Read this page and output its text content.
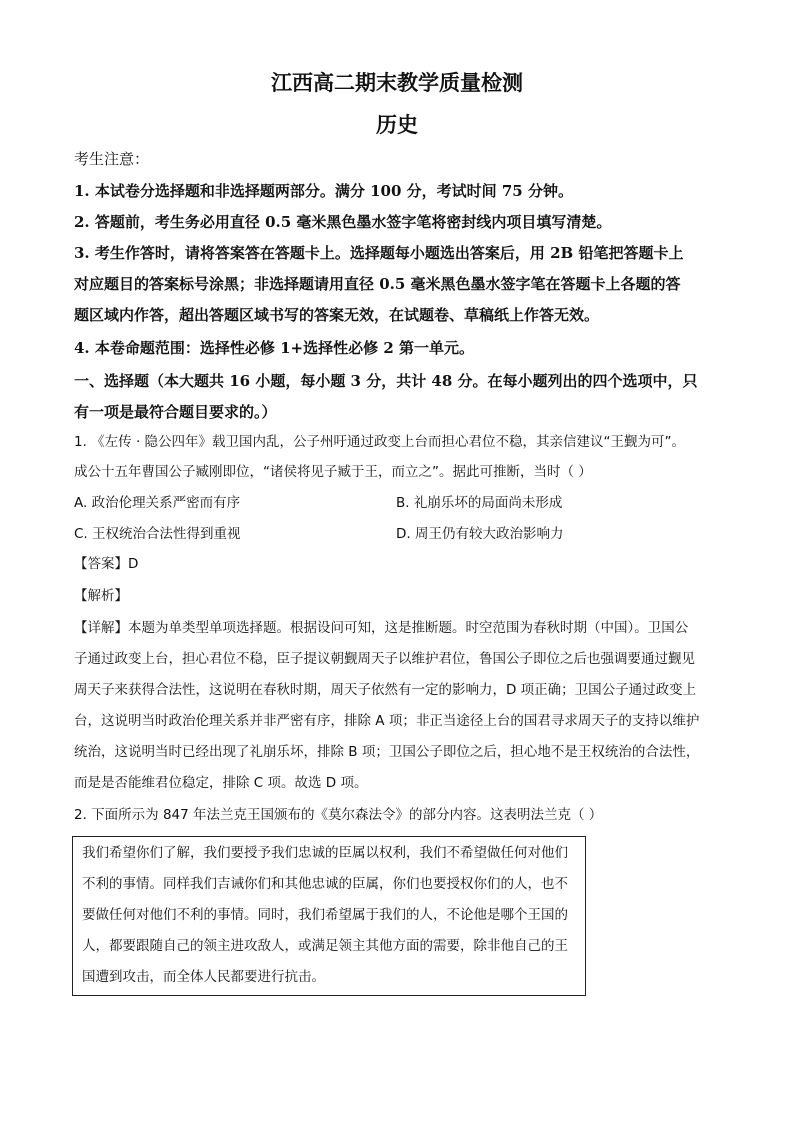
江西高二期末教学质量检测
历史
考生注意：
1. 本试卷分选择题和非选择题两部分。满分 100 分，考试时间 75 分钟。
2. 答题前，考生务必用直径 0.5 毫米黑色墨水签字笔将密封线内项目填写清楚。
3. 考生作答时，请将答案答在答题卡上。选择题每小题选出答案后，用 2B 铅笔把答题卡上
对应题目的答案标号涂黑；非选择题请用直径 0.5 毫米黑色墨水签字笔在答题卡上各题的答
题区域内作答，超出答题区域书写的答案无效，在试题卷、草稿纸上作答无效。
4. 本卷命题范围：选择性必修 1+选择性必修 2 第一单元。
一、选择题（本大题共 16 小题，每小题 3 分，共计 48 分。在每小题列出的四个选项中，只
有一项是最符合题目要求的。）
1. 《左传 · 隐公四年》载卫国内乱，公子州吁通过政变上台而担心君位不稳，其亲信建议“王觐为可”。
成公十五年曹国公子臧刚即位，“诸侯将见子臧于王，而立之”。据此可推断，当时（ ）
A. 政治伦理关系严密而有序	B. 礼崩乐坏的局面尚未形成
C. 王权统治合法性得到重视	D. 周王仍有较大政治影响力
【答案】D
【解析】
【详解】本题为单类型单项选择题。根据设问可知，这是推断题。时空范围为春秋时期（中国）。卫国公
子通过政变上台，担心君位不稳，臣子提议朝觐周天子以维护君位，鲁国公子即位之后也强调要通过觐见
周天子来获得合法性，这说明在春秋时期，周天子依然有一定的影响力，D 项正确；卫国公子通过政变上
台，这说明当时政治伦理关系并非严密有序，排除 A 项；非正当途径上台的国君寻求周天子的支持以维护
统治，这说明当时已经出现了礼崩乐坏，排除 B 项；卫国公子即位之后，担心地不是王权统治的合法性，
而是是否能维君位稳定，排除 C 项。故选 D 项。
2. 下面所示为 847 年法兰克王国颁布的《莫尔森法令》的部分内容。这表明法兰克（ ）
我们希望你们了解，我们要授予我们忠诚的臣属以权利，我们不希望做任何对他们
不利的事情。同样我们吉诫你们和其他忠诚的臣属，你们也要授权你们的人，也不
要做任何对他们不利的事情。同时，我们希望属于我们的人，不论他是哪个王国的
人，都要跟随自己的领主进攻敌人，或满足领主其他方面的需要，除非他自己的王
国遭到攻击，而全体人民都要进行抗击。
